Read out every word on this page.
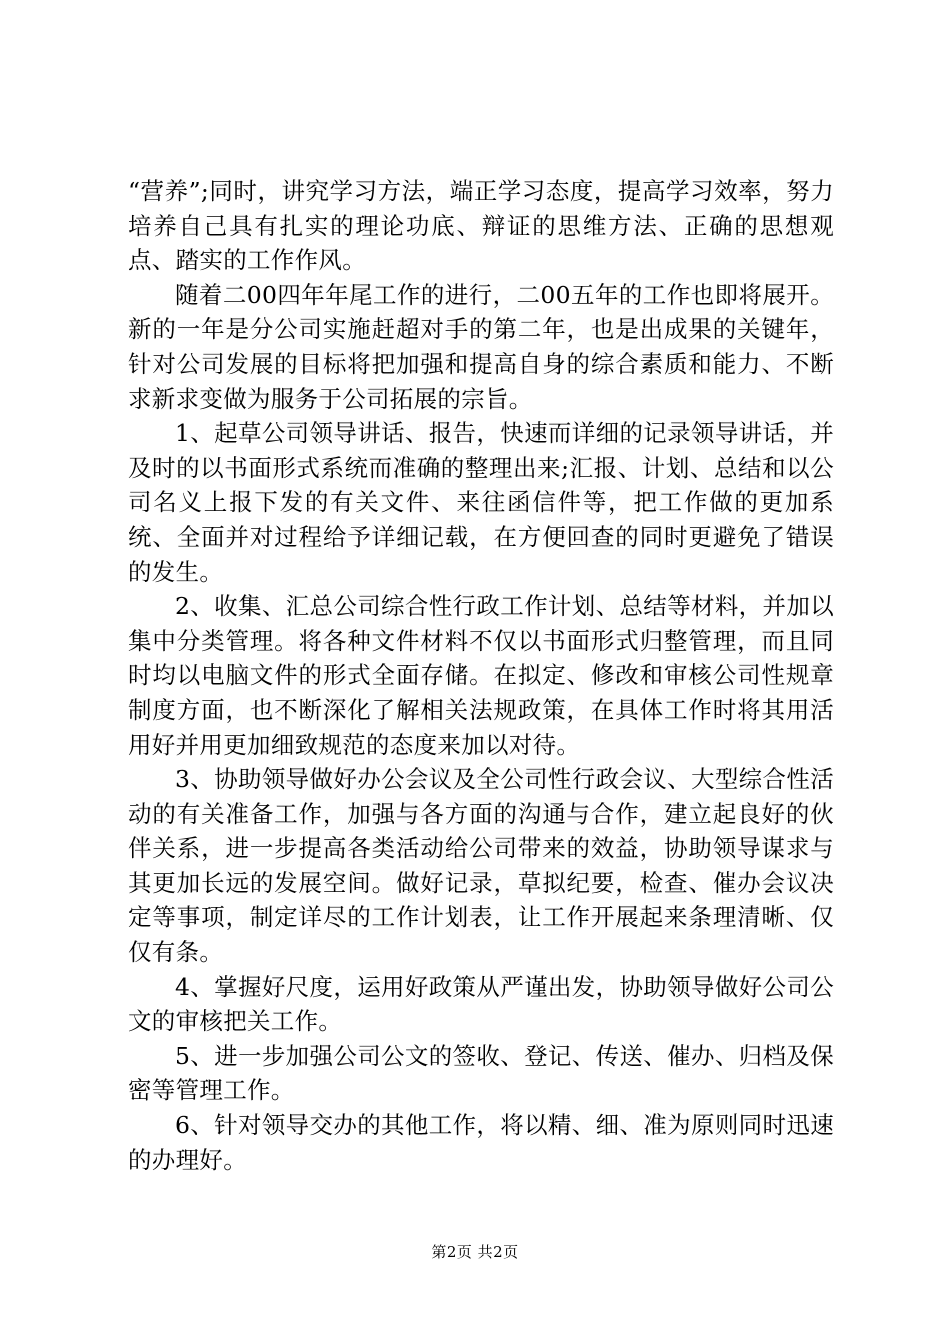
“营养”;同时，讲究学习方法，端正学习态度，提高学习效率，努力培养自己具有扎实的理论功底、辩证的思维方法、正确的思想观点、踏实的工作作风。

随着二00四年年尾工作的进行，二00五年的工作也即将展开。新的一年是分公司实施赶超对手的第二年，也是出成果的关键年，针对公司发展的目标将把加强和提高自身的综合素质和能力、不断求新求变做为服务于公司拓展的宗旨。

1、起草公司领导讲话、报告，快速而详细的记录领导讲话，并及时的以书面形式系统而准确的整理出来;汇报、计划、总结和以公司名义上报下发的有关文件、来往函信件等，把工作做的更加系统、全面并对过程给予详细记载，在方便回查的同时更避免了错误的发生。

2、收集、汇总公司综合性行政工作计划、总结等材料，并加以集中分类管理。将各种文件材料不仅以书面形式归整管理，而且同时均以电脑文件的形式全面存储。在拟定、修改和审核公司性规章制度方面，也不断深化了解相关法规政策，在具体工作时将其用活用好并用更加细致规范的态度来加以对待。

3、协助领导做好办公会议及全公司性行政会议、大型综合性活动的有关准备工作，加强与各方面的沟通与合作，建立起良好的伙伴关系，进一步提高各类活动给公司带来的效益，协助领导谋求与其更加长远的发展空间。做好记录，草拟纪要，检查、催办会议决定等事项，制定详尽的工作计划表，让工作开展起来条理清晰、仅仅有条。

4、掌握好尺度，运用好政策从严谨出发，协助领导做好公司公文的审核把关工作。

5、进一步加强公司公文的签收、登记、传送、催办、归档及保密等管理工作。

6、针对领导交办的其他工作，将以精、细、准为原则同时迅速的办理好。

第2页 共2页
